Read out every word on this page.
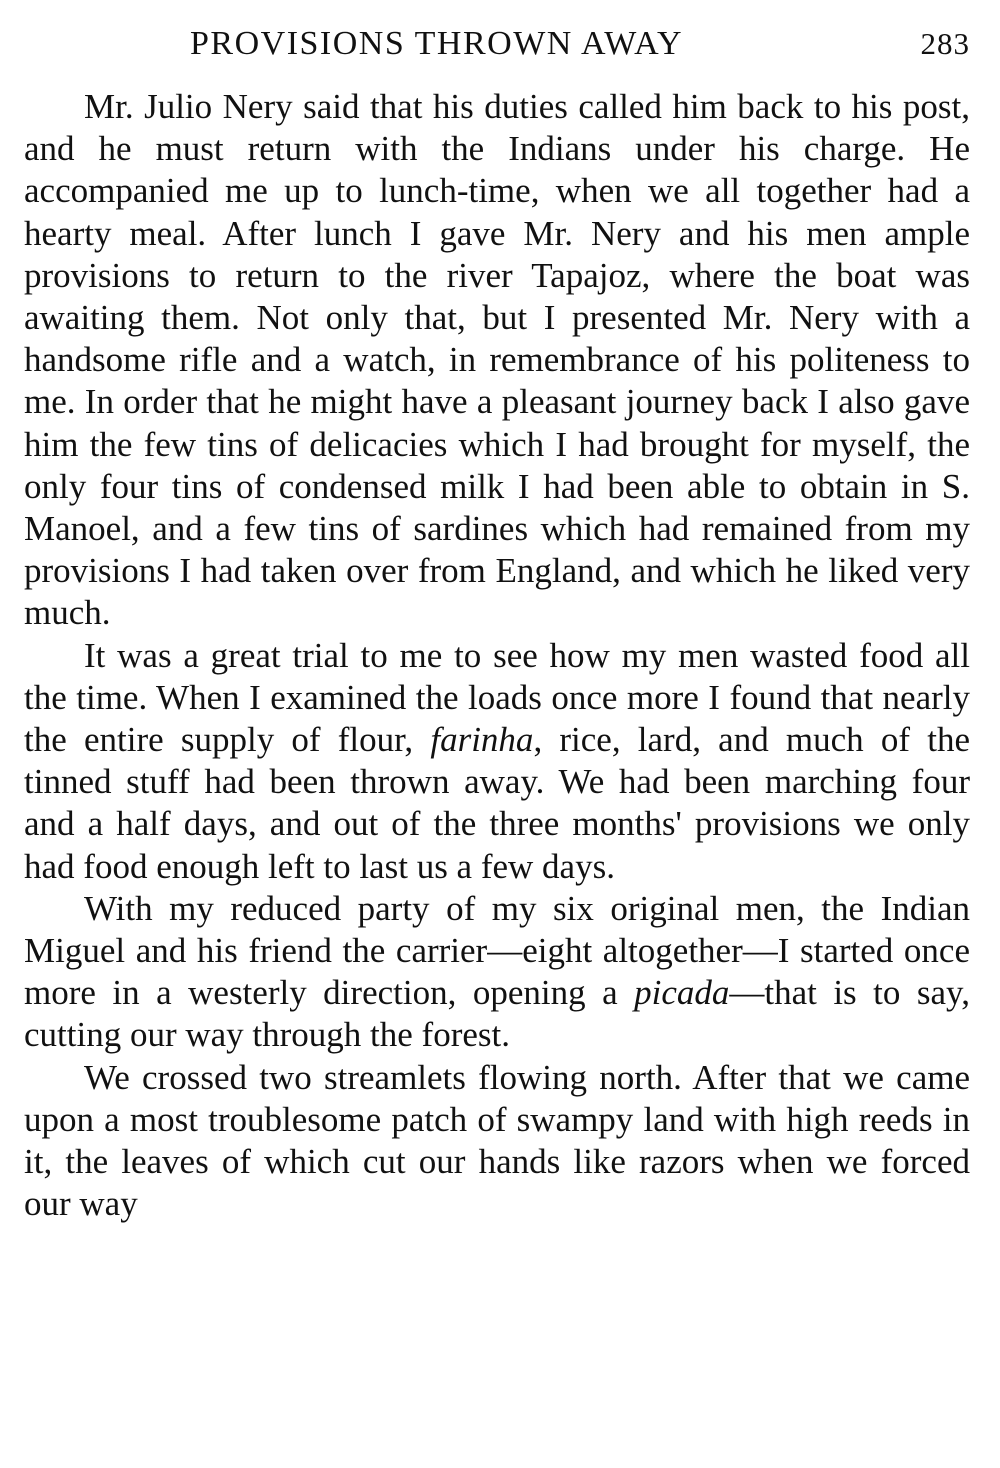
PROVISIONS THROWN AWAY	283

Mr. Julio Nery said that his duties called him back to his post, and he must return with the Indians under his charge. He accompanied me up to lunch-time, when we all together had a hearty meal. After lunch I gave Mr. Nery and his men ample provisions to return to the river Tapajoz, where the boat was awaiting them. Not only that, but I presented Mr. Nery with a handsome rifle and a watch, in remembrance of his politeness to me. In order that he might have a pleasant journey back I also gave him the few tins of delicacies which I had brought for myself, the only four tins of condensed milk I had been able to obtain in S. Manoel, and a few tins of sardines which had remained from my provisions I had taken over from England, and which he liked very much.

It was a great trial to me to see how my men wasted food all the time. When I examined the loads once more I found that nearly the entire supply of flour, farinha, rice, lard, and much of the tinned stuff had been thrown away. We had been marching four and a half days, and out of the three months' provisions we only had food enough left to last us a few days.

With my reduced party of my six original men, the Indian Miguel and his friend the carrier—eight altogether—I started once more in a westerly direction, opening a picada—that is to say, cutting our way through the forest.

We crossed two streamlets flowing north. After that we came upon a most troublesome patch of swampy land with high reeds in it, the leaves of which cut our hands like razors when we forced our way
